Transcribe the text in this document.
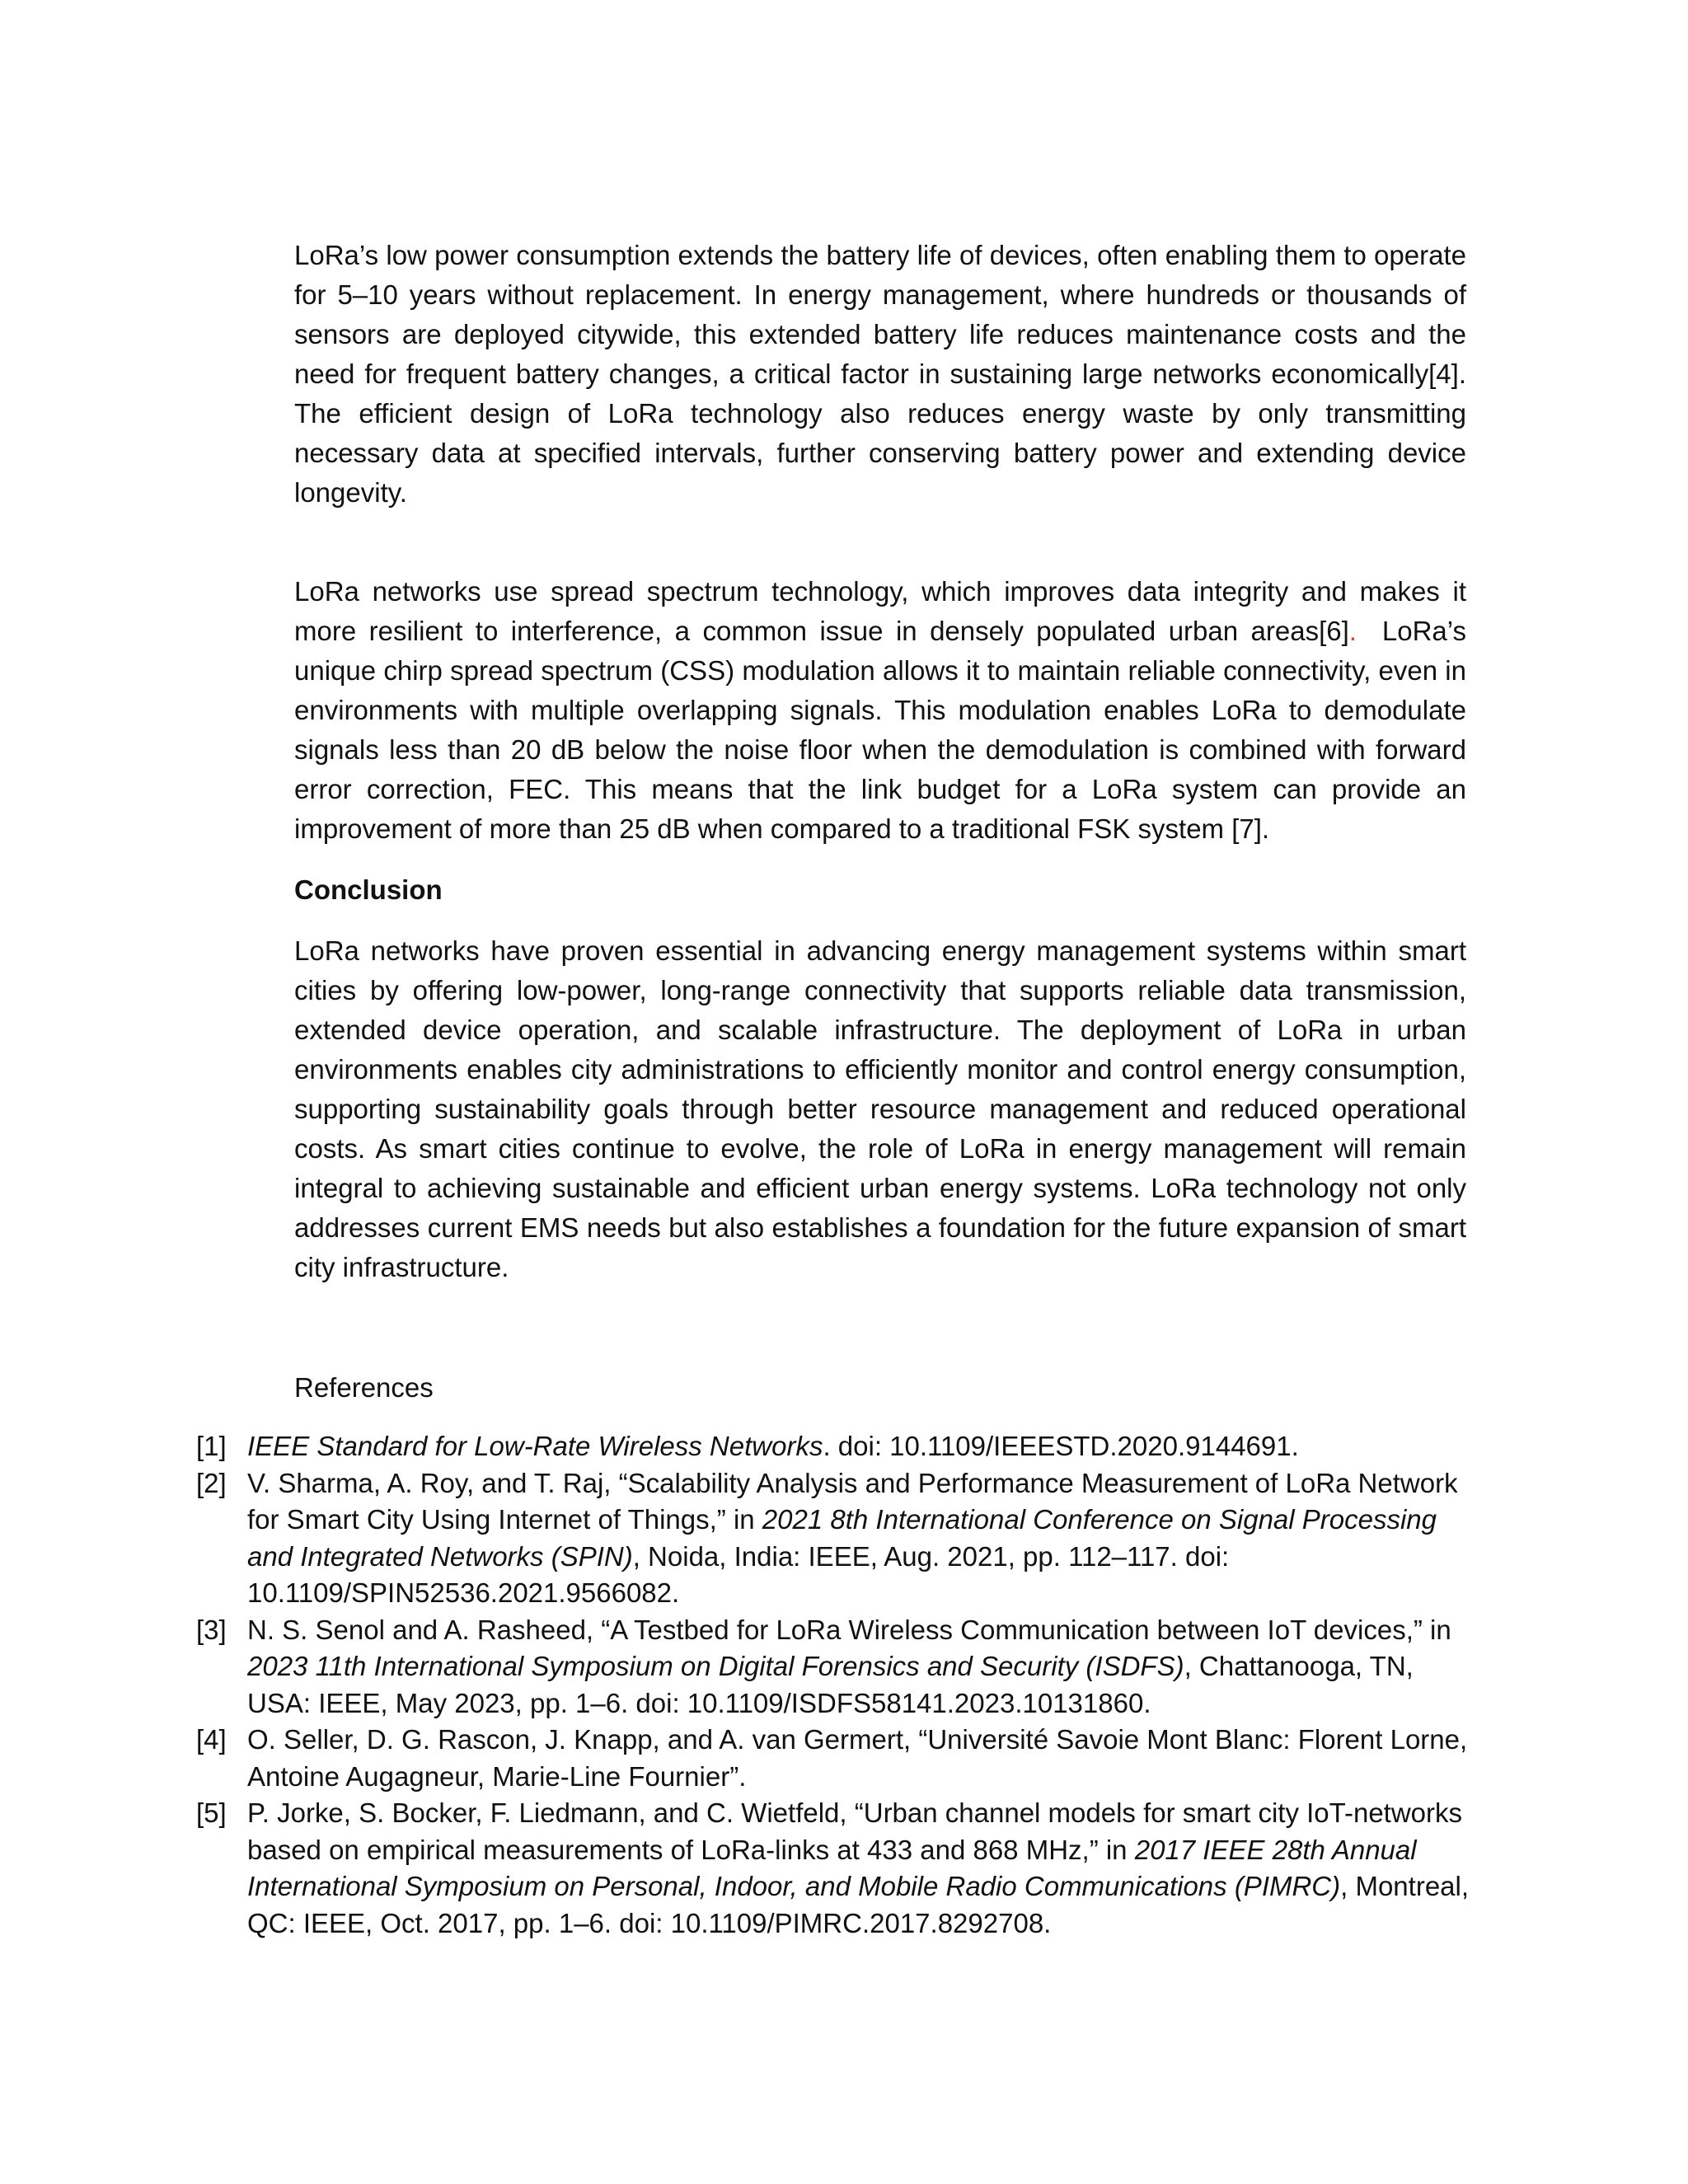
LoRa’s low power consumption extends the battery life of devices, often enabling them to operate for 5–10 years without replacement. In energy management, where hundreds or thousands of sensors are deployed citywide, this extended battery life reduces maintenance costs and the need for frequent battery changes, a critical factor in sustaining large networks economically[4]. The efficient design of LoRa technology also reduces energy waste by only transmitting necessary data at specified intervals, further conserving battery power and extending device longevity.

LoRa networks use spread spectrum technology, which improves data integrity and makes it more resilient to interference, a common issue in densely populated urban areas[6].  LoRa’s unique chirp spread spectrum (CSS) modulation allows it to maintain reliable connectivity, even in environments with multiple overlapping signals. This modulation enables LoRa to demodulate signals less than 20 dB below the noise floor when the demodulation is combined with forward error correction, FEC. This means that the link budget for a LoRa system can provide an improvement of more than 25 dB when compared to a traditional FSK system [7].

Conclusion

LoRa networks have proven essential in advancing energy management systems within smart cities by offering low-power, long-range connectivity that supports reliable data transmission, extended device operation, and scalable infrastructure. The deployment of LoRa in urban environments enables city administrations to efficiently monitor and control energy consumption, supporting sustainability goals through better resource management and reduced operational costs. As smart cities continue to evolve, the role of LoRa in energy management will remain integral to achieving sustainable and efficient urban energy systems. LoRa technology not only addresses current EMS needs but also establishes a foundation for the future expansion of smart city infrastructure.

References
[1] IEEE Standard for Low-Rate Wireless Networks. doi: 10.1109/IEEESTD.2020.9144691.
[2] V. Sharma, A. Roy, and T. Raj, “Scalability Analysis and Performance Measurement of LoRa Network for Smart City Using Internet of Things,” in 2021 8th International Conference on Signal Processing and Integrated Networks (SPIN), Noida, India: IEEE, Aug. 2021, pp. 112–117. doi: 10.1109/SPIN52536.2021.9566082.
[3] N. S. Senol and A. Rasheed, “A Testbed for LoRa Wireless Communication between IoT devices,” in 2023 11th International Symposium on Digital Forensics and Security (ISDFS), Chattanooga, TN, USA: IEEE, May 2023, pp. 1–6. doi: 10.1109/ISDFS58141.2023.10131860.
[4] O. Seller, D. G. Rascon, J. Knapp, and A. van Germert, “Université Savoie Mont Blanc: Florent Lorne, Antoine Augagneur, Marie-Line Fournier”.
[5] P. Jorke, S. Bocker, F. Liedmann, and C. Wietfeld, “Urban channel models for smart city IoT-networks based on empirical measurements of LoRa-links at 433 and 868 MHz,” in 2017 IEEE 28th Annual International Symposium on Personal, Indoor, and Mobile Radio Communications (PIMRC), Montreal, QC: IEEE, Oct. 2017, pp. 1–6. doi: 10.1109/PIMRC.2017.8292708.
